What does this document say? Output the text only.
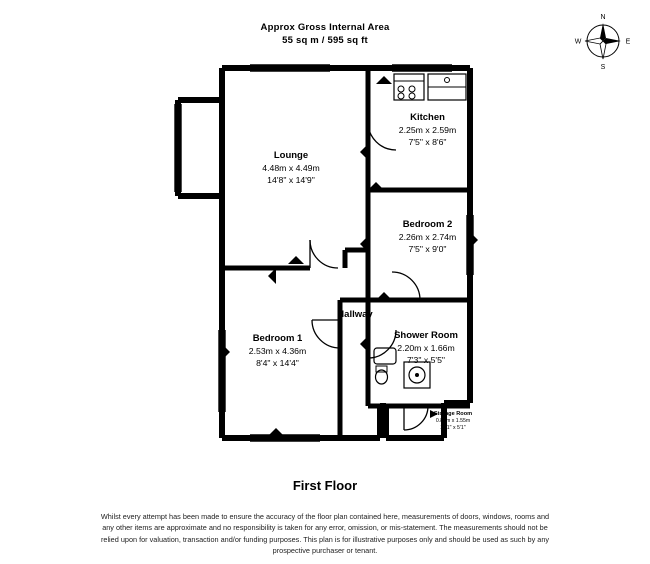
Approx Gross Internal Area
55 sq m / 595 sq ft
Lounge
4.48m x 4.49m
14'8" x 14'9"
Kitchen
2.25m x 2.59m
7'5" x 8'6"
Bedroom 2
2.26m x 2.74m
7'5" x 9'0"
Bedroom 1
2.53m x 4.36m
8'4" x 14'4"
Shower Room
2.20m x 1.66m
7'3" x 5'5"
Storage Room
0.89m x 1.55m
2'11" x 5'1"
Hallway
First Floor
Whilst every attempt has been made to ensure the accuracy of the floor plan contained here, measurements of doors, windows, rooms and any other items are approximate and no responsibility is taken for any error, omission, or mis-statement. The measurements should not be relied upon for valuation, transaction and/or funding purposes. This plan is for illustrative purposes only and should be used as such by any prospective purchaser or tenant.
N
E
S
W
